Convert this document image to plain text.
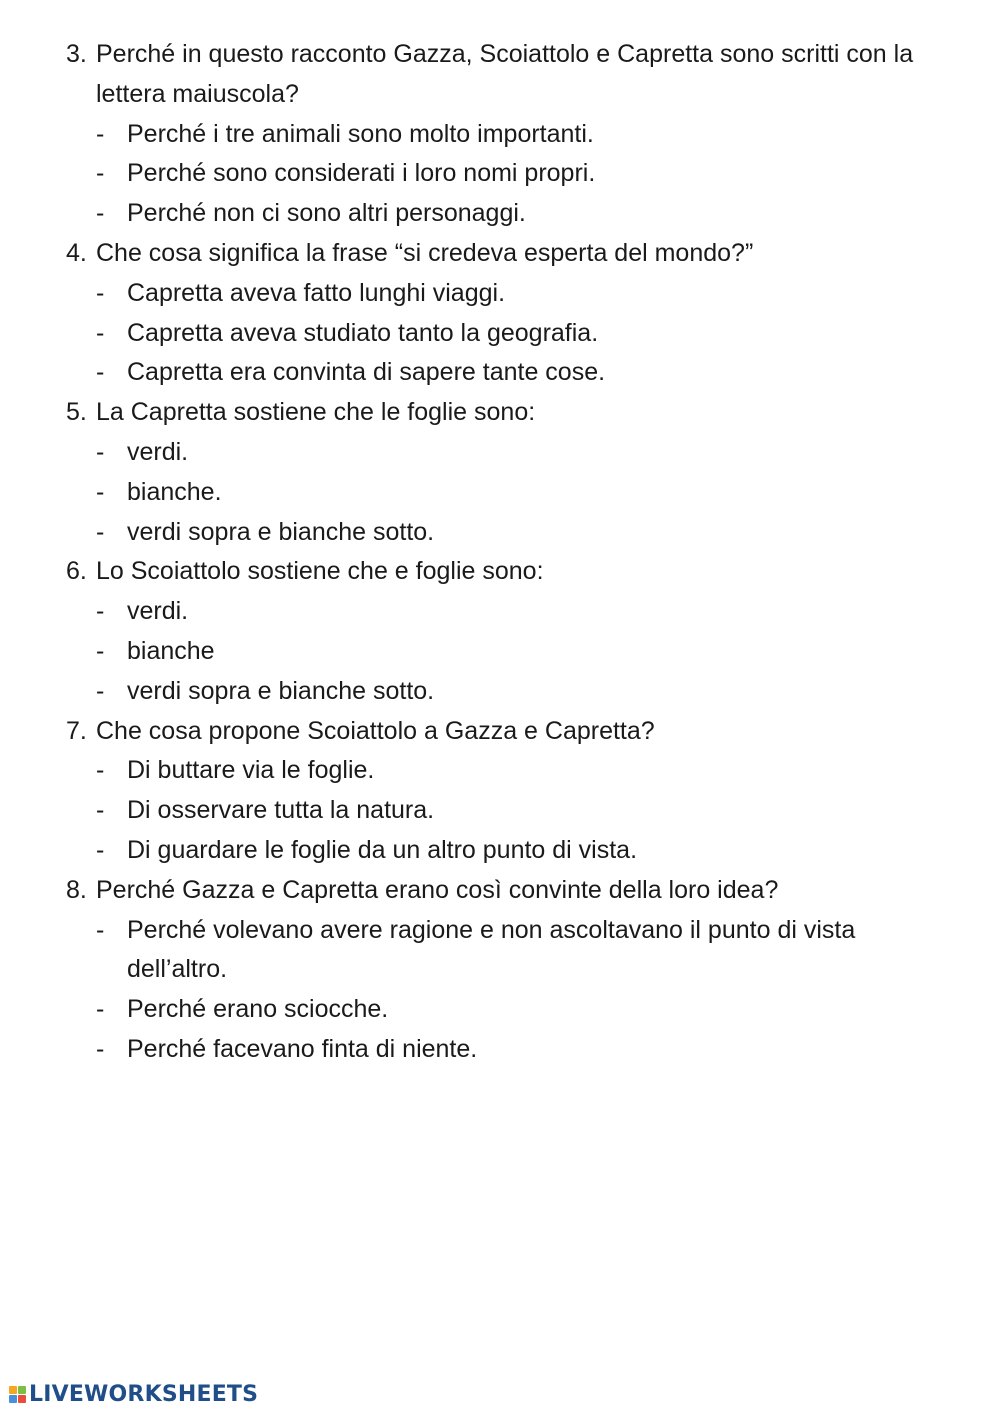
3. Perché in questo racconto Gazza, Scoiattolo e Capretta sono scritti con la lettera maiuscola?
- Perché i tre animali sono molto importanti.
- Perché sono considerati i loro nomi propri.
- Perché non ci sono altri personaggi.
4. Che cosa significa la frase “si credeva esperta del mondo?”
- Capretta aveva fatto lunghi viaggi.
- Capretta aveva studiato tanto la geografia.
- Capretta era convinta di sapere tante cose.
5. La Capretta sostiene che le foglie sono:
- verdi.
- bianche.
- verdi sopra e bianche sotto.
6. Lo Scoiattolo sostiene che e foglie sono:
- verdi.
- bianche
- verdi sopra e bianche sotto.
7. Che cosa propone Scoiattolo a Gazza e Capretta?
- Di buttare via le foglie.
- Di osservare tutta la natura.
- Di guardare le foglie da un altro punto di vista.
8. Perché Gazza e Capretta erano così convinte della loro idea?
- Perché volevano avere ragione e non ascoltavano il punto di vista dell’altro.
- Perché erano sciocche.
- Perché facevano finta di niente.
LIVEWORKSHEETS
